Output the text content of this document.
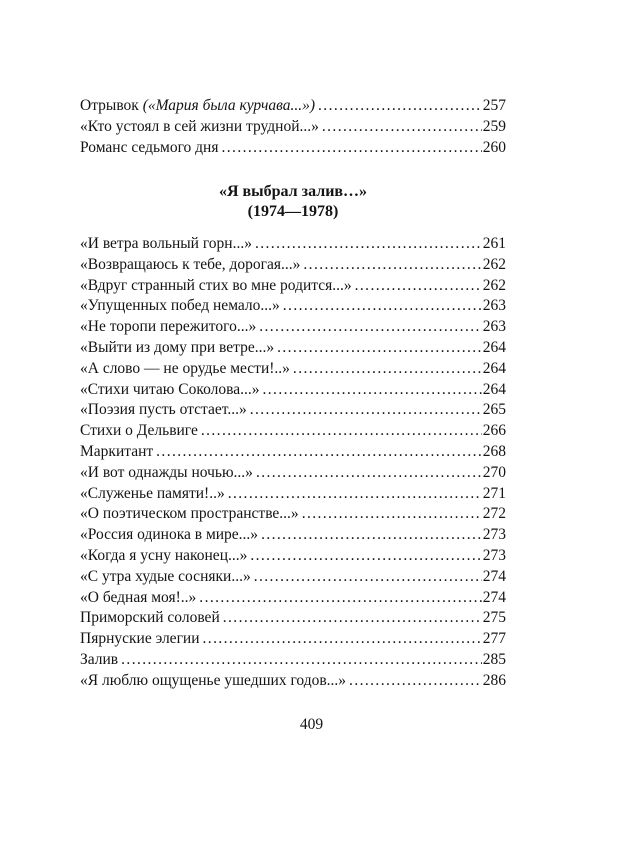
Отрывок («Мария была курчава...») .....	257
«Кто устоял в сей жизни трудной...» .....	259
Романс седьмого дня .....	260
«Я выбрал залив…»
(1974—1978)
«И ветра вольный горн...» .....	261
«Возвращаюсь к тебе, дорогая...» .....	262
«Вдруг странный стих во мне родится...» .....	262
«Упущенных побед немало...» .....	263
«Не торопи пережитого...» .....	263
«Выйти из дому при ветре...» .....	264
«А слово — не орудье мести!..» .....	264
«Стихи читаю Соколова...» .....	264
«Поэзия пусть отстает...» .....	265
Стихи о Дельвиге .....	266
Маркитант .....	268
«И вот однажды ночью...» .....	270
«Служенье памяти!..» .....	271
«О поэтическом пространстве...» .....	272
«Россия одинока в мире...» .....	273
«Когда я усну наконец...» .....	273
«С утра худые сосняки...» .....	274
«О бедная моя!..» .....	274
Приморский соловей .....	275
Пярнуские элегии .....	277
Залив .....	285
«Я люблю ощущенье ушедших годов...» .....	286
409
